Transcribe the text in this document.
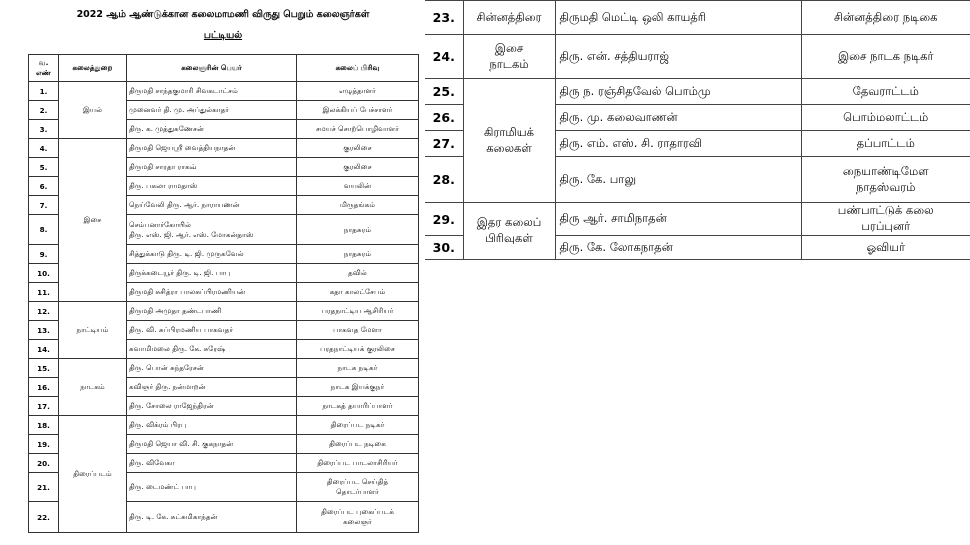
2022 ஆம் ஆண்டுக்கான கலைமாமணி விருது பெறும் கலைஞர்கள்
பட்டியல்
வ. எண்	கலைத்துறை	கலைஞரின் பெயர்	கலைப் பிரிவு
1.	இயல்	திருமதி சாந்தகுமாரி சிவகடாட்சம்	எழுத்தாளர்

2.		முனைவர் தி. மு. அப்துல்காதர்	இலக்கியப் பேச்சாளர்

3.		திரு. க. முத்துகணேசன்	சமயச் சொற்பொழிவாளர்

4.	இசை	திருமதி ஜெயஸ்ரீ வைத்தியநாதன்	குரலிசை

5.		திருமதி சாரதா ராகவ்	குரலிசை

6.		திரு. பகலா ராமதாஸ்	வயலின்

7.		நெய்வேலி திரு. ஆர். நாராயணன்	மிருதங்கம்

8.		செம்பனார்கோயில்
திரு. எஸ். ஜி. ஆர். எஸ். மோகன்தாஸ்	நாதசுரம்

9.		சித்துக்காடு திரு. டி. ஜி. முருகவேல்	நாதசுரம்

10.		திருக்கடையூர் திரு. டி. ஜி. பாபு	தவில்

11.		திருமதி சுசித்ரா பாலசுப்பிரமணியன்	கதா காலட்சேபம்

12.	நாட்டியம்	திருமதி அமுதா தண்டபாணி	பரதநாட்டிய ஆசிரியர்

13.		திரு. வி. சுப்பிரமணிய பாகவதர்	பாகவத மேளா

14.		சுவாமிமலை திரு. கே. சுரேஷ்	பரதநாட்டியக் குரலிசை

15.	நாடகம்	திரு. பொன் சுந்தரேசன்	நாடக நடிகர்

16.		கவிஞர் திரு. நன்மாறன்	நாடக இயக்குநர்

17.		திரு. சோலை ராஜேந்திரன்	நாடகத் தயாரிப்பாளர்

18.	திரைப்படம்	திரு. விக்ரம் பிரபு	திரைப்பட நடிகர்

19.		திருமதி ஜெயா வி. சி. குகநாதன்	திரைப்பட நடிகை

20.		திரு. விவேகா	திரைப்பட பாடலாசிரியர்

21.		திரு. டைமண்ட் பாபு	திரைப்பட செய்தித்
தொடர்பாளர்

22.		திரு. டி. கே. சுட்சுமிகாந்தன்	திரைப்பட புகைப்படக்
கலைஞர்
23.	சின்னத்திரை	திருமதி மெட்டி ஒலி காயத்ரி	சின்னத்திரை நடிகை

24.	இசை
நாடகம்	திரு. என். சத்தியராஜ்	இசை நாடக நடிகர்

25.	கிராமியக்
கலைகள்	திரு ந. ரஞ்சிதவேல் பொம்மு	தேவராட்டம்

26.		திரு. மு. கலைவாணன்	பொம்மலாட்டம்

27.		திரு. எம். எஸ். சி. ராதாரவி	தப்பாட்டம்

28.		திரு. கே. பாலு	நையாண்டிமேள
நாதஸ்வரம்

29.	இதர கலைப்
பிரிவுகள்	திரு ஆர். சாமிநாதன்	பண்பாட்டுக் கலை
பரப்புனர்

30.		திரு. கே. லோகநாதன்	ஓவியர்
